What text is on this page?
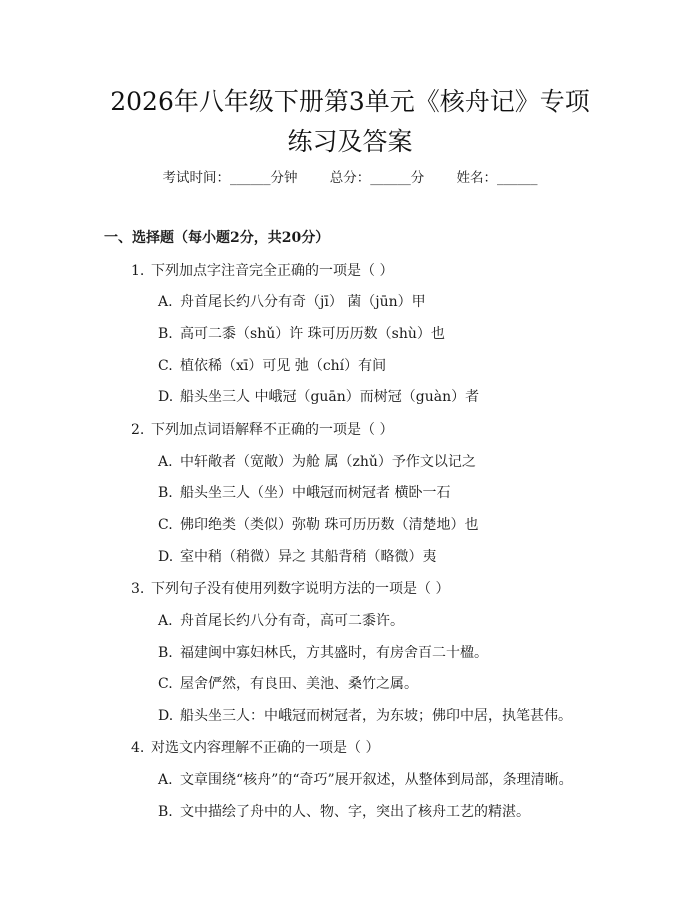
2026年八年级下册第3单元《核舟记》专项
练习及答案
考试时间：______分钟 总分：______分 姓名：______
一、选择题（每小题2分，共20分）
1. 下列加点字注音完全正确的一项是（ ）
A. 舟首尾长约八分有奇（jī） 菌（jūn）甲
B. 高可二黍（shǔ）许 珠可历历数（shù）也
C. 植依稀（xī）可见 弛（chí）有间
D. 船头坐三人 中峨冠（guān）而树冠（guàn）者
2. 下列加点词语解释不正确的一项是（ ）
A. 中轩敞者（宽敞）为舱 属（zhǔ）予作文以记之
B. 船头坐三人（坐）中峨冠而树冠者 横卧一石
C. 佛印绝类（类似）弥勒 珠可历历数（清楚地）也
D. 室中稍（稍微）异之 其船背稍（略微）夷
3. 下列句子没有使用列数字说明方法的一项是（ ）
A. 舟首尾长约八分有奇，高可二黍许。
B. 福建闽中寡妇林氏，方其盛时，有房舍百二十楹。
C. 屋舍俨然，有良田、美池、桑竹之属。
D. 船头坐三人：中峨冠而树冠者，为东坡；佛印中居，执笔甚伟。
4. 对选文内容理解不正确的一项是（ ）
A. 文章围绕“核舟”的“奇巧”展开叙述，从整体到局部，条理清晰。
B. 文中描绘了舟中的人、物、字，突出了核舟工艺的精湛。
